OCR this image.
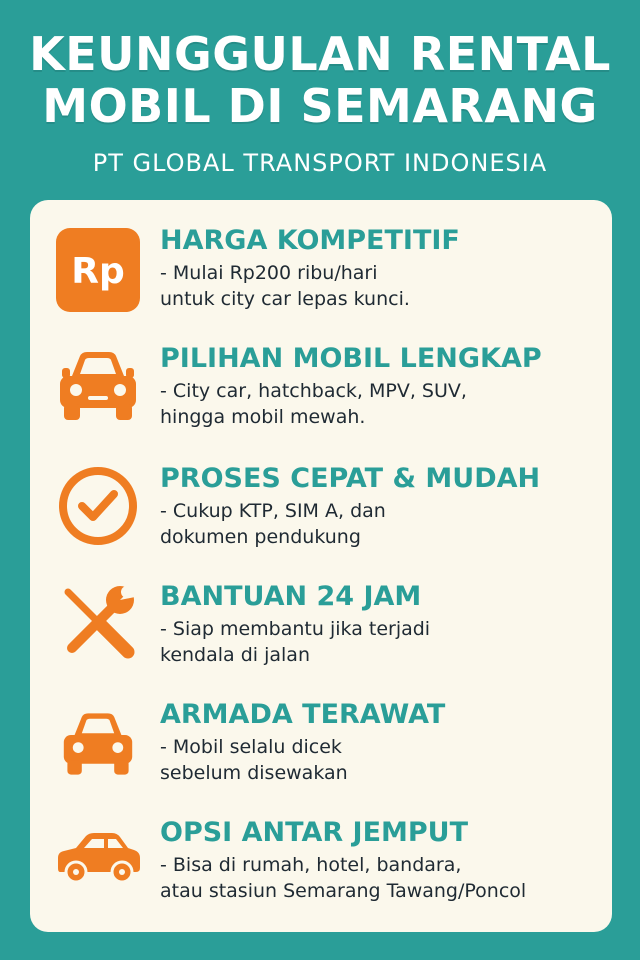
KEUNGGULAN RENTAL
MOBIL DI SEMARANG
PT GLOBAL TRANSPORT INDONESIA
Rp
HARGA KOMPETITIF
- Mulai Rp200 ribu/hari
untuk city car lepas kunci.
PILIHAN MOBIL LENGKAP
- City car, hatchback, MPV, SUV,
hingga mobil mewah.
PROSES CEPAT & MUDAH
- Cukup KTP, SIM A, dan
dokumen pendukung
BANTUAN 24 JAM
- Siap membantu jika terjadi
kendala di jalan
ARMADA TERAWAT
- Mobil selalu dicek
sebelum disewakan
OPSI ANTAR JEMPUT
- Bisa di rumah, hotel, bandara,
atau stasiun Semarang Tawang/Poncol
